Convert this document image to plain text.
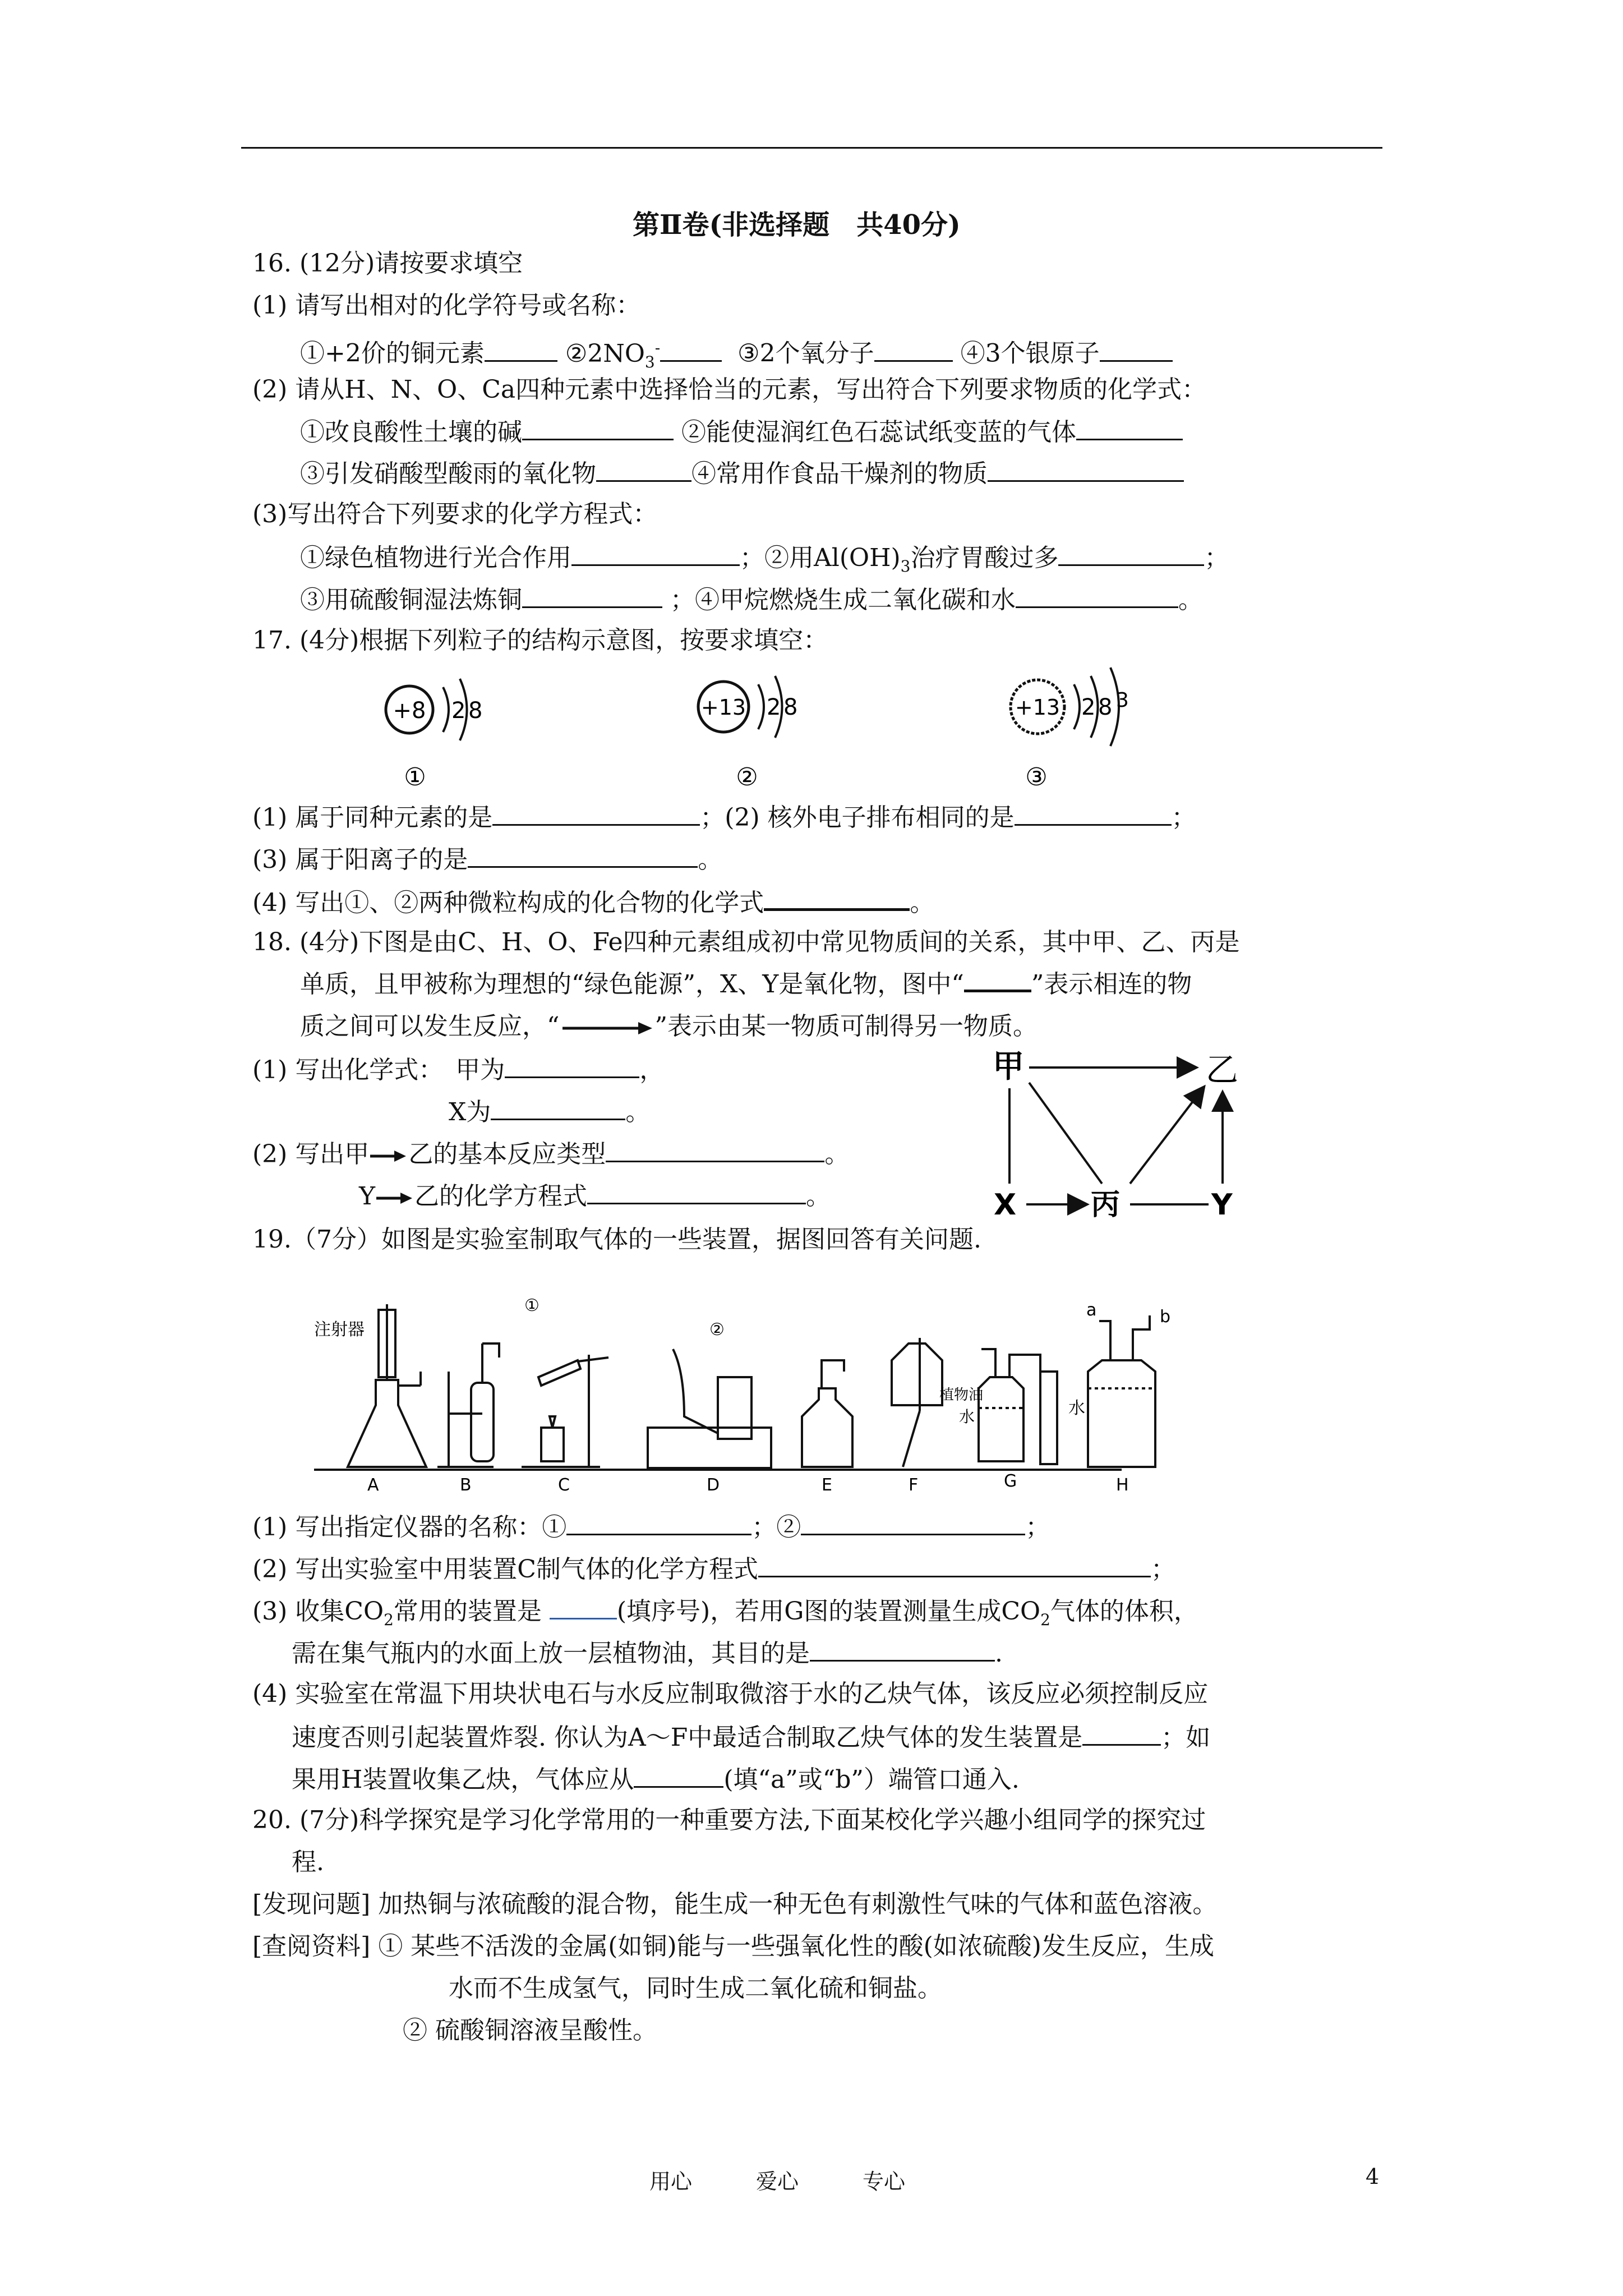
第Ⅱ卷(非选择题　共40分)
16. (12分)请按要求填空
(1) 请写出相对的化学符号或名称：
①+2价的铜元素	$②2NO_3^-$	③2个氧分子	④3个银原子
(2) 请从H、N、O、Ca四种元素中选择恰当的元素，写出符合下列要求物质的化学式：
①改良酸性土壤的碱	②能使湿润红色石蕊试纸变蓝的气体
③引发硝酸型酸雨的氧化物	④常用作食品干燥剂的物质
(3)写出符合下列要求的化学方程式：
①绿色植物进行光合作用	；②用$Al(OH)_3$治疗胃酸过多	；
③用硫酸铜湿法炼铜	；④甲烷燃烧生成二氧化碳和水	。
17. (4分)根据下列粒子的结构示意图，按要求填空：
+8 2 8
①
+13 2 8
②
+13 2 8 3
③
(1) 属于同种元素的是	；(2) 核外电子排布相同的是	；
(3) 属于阳离子的是	。
(4) 写出①、②两种微粒构成的化合物的化学式	。
18. (4分)下图是由C、H、O、Fe四种元素组成初中常见物质间的关系，其中甲、乙、丙是
单质，且甲被称为理想的“绿色能源”，X、Y是氧化物，图中“	”表示相连的物
质之间可以发生反应，“	”表示由某一物质可制得另一物质。
(1) 写出化学式：　甲为	，
X为	。
(2) 写出甲 乙的基本反应类型	。
Y 乙的化学方程式	。
甲	乙
X	丙	Y
19.（7分）如图是实验室制取气体的一些装置，据图回答有关问题.
注射器
①
②
植物油
水	水
a	b
A	B	C	D	E	F	G	H
(1) 写出指定仪器的名称：①	；②	；
(2) 写出实验室中用装置C制气体的化学方程式	；
(3) 收集$CO_2$常用的装置是	(填序号)，若用G图的装置测量生成$CO_2$气体的体积，
需在集气瓶内的水面上放一层植物油，其目的是	.
(4) 实验室在常温下用块状电石与水反应制取微溶于水的乙炔气体，该反应必须控制反应
速度否则引起装置炸裂. 你认为A～F中最适合制取乙炔气体的发生装置是	；如
果用H装置收集乙炔，气体应从	(填“a”或“b”）端管口通入.
20. (7分)科学探究是学习化学常用的一种重要方法,下面某校化学兴趣小组同学的探究过
程.
[发现问题] 加热铜与浓硫酸的混合物，能生成一种无色有刺激性气味的气体和蓝色溶液。
[查阅资料] ① 某些不活泼的金属(如铜)能与一些强氧化性的酸(如浓硫酸)发生反应，生成
水而不生成氢气，同时生成二氧化硫和铜盐。
② 硫酸铜溶液呈酸性。
用心　　　爱心　　　专心	4
